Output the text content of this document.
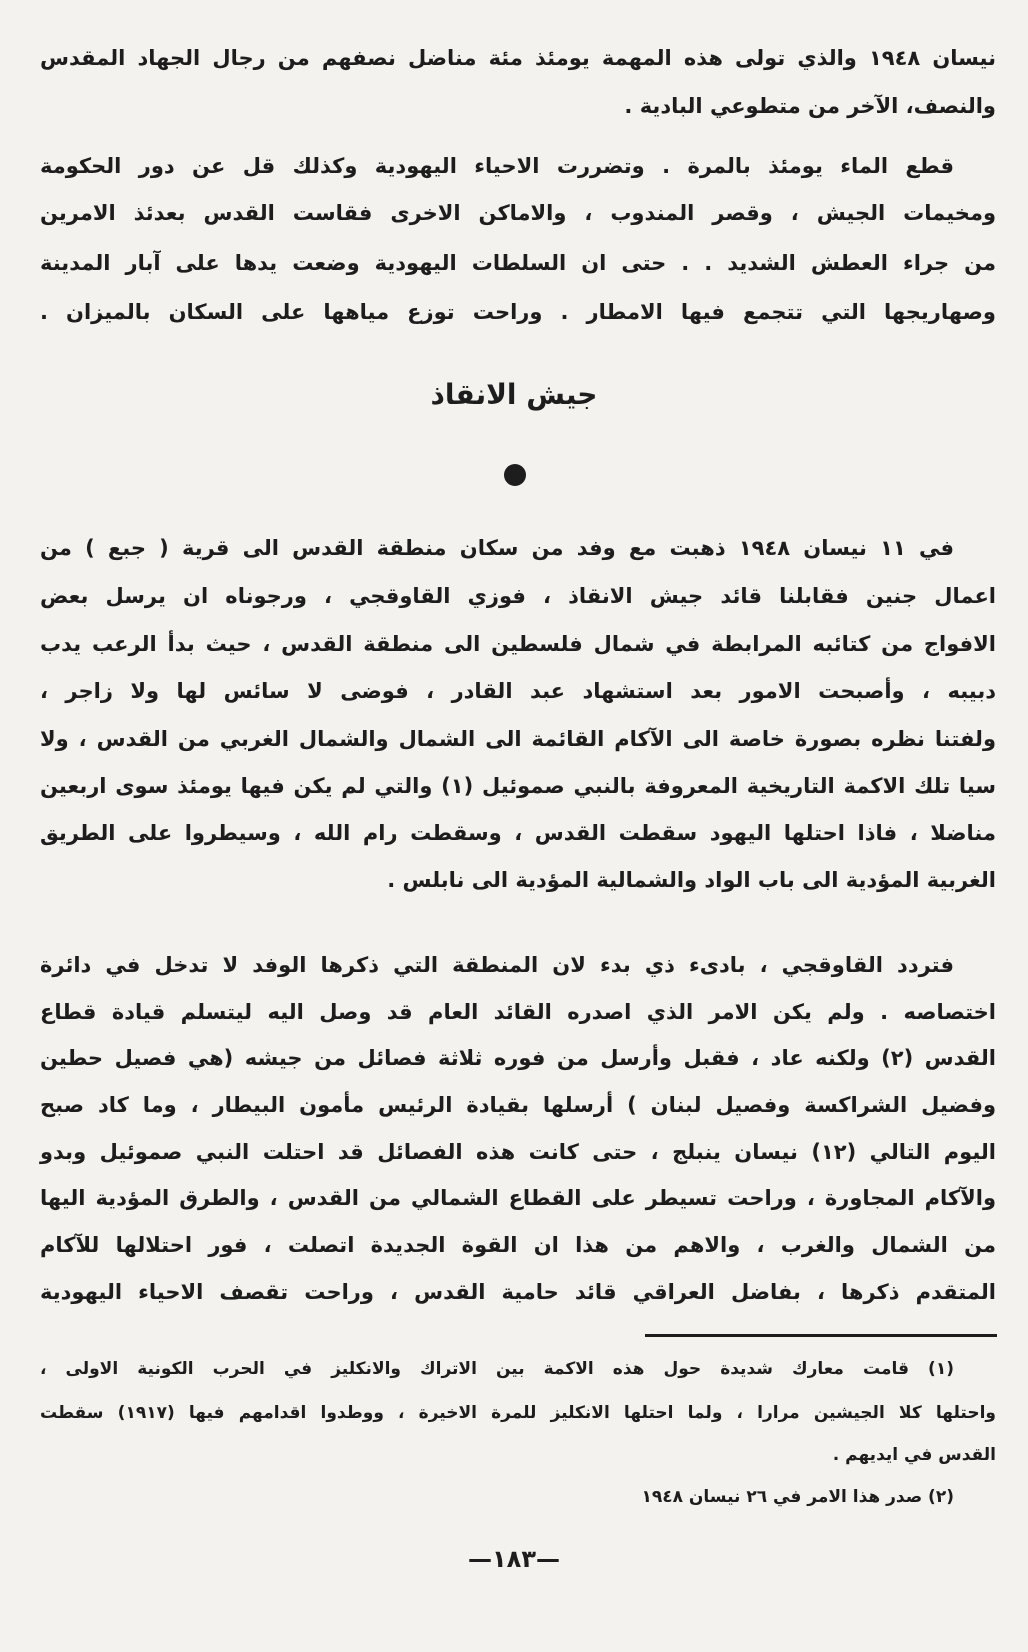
نيسان ١٩٤٨ والذي تولى هذه المهمة يومئذ مئة مناضل نصفهم من رجال الجهاد المقدس
والنصف، الآخر من متطوعي البادية .
قطع الماء يومئذ بالمرة . وتضررت الاحياء اليهودية وكذلك قل عن دور الحكومة
ومخيمات الجيش ، وقصر المندوب ، والاماكن الاخرى فقاست القدس بعدئذ الامرين
من جراء العطش الشديد . . حتى ان السلطات اليهودية وضعت يدها على آبار المدينة
وصهاريجها التي تتجمع فيها الامطار . وراحت توزع مياهها على السكان بالميزان .
جيش الانقاذ
في ١١ نيسان ١٩٤٨ ذهبت مع وفد من سكان منطقة القدس الى قرية ( جبع ) من
اعمال جنين فقابلنا قائد جيش الانقاذ ، فوزي القاوقجي ، ورجوناه ان يرسل بعض
الافواج من كتائبه المرابطة في شمال فلسطين الى منطقة القدس ، حيث بدأ الرعب يدب
دبيبه ، وأصبحت الامور بعد استشهاد عبد القادر ، فوضى لا سائس لها ولا زاجر ،
ولفتنا نظره بصورة خاصة الى الآكام القائمة الى الشمال والشمال الغربي من القدس ، ولا
سيا تلك الاكمة التاريخية المعروفة بالنبي صموئيل (١) والتي لم يكن فيها يومئذ سوى اربعين
مناضلا ، فاذا احتلها اليهود سقطت القدس ، وسقطت رام الله ، وسيطروا على الطريق
الغربية المؤدية الى باب الواد والشمالية المؤدية الى نابلس .
فتردد القاوقجي ، بادىء ذي بدء لان المنطقة التي ذكرها الوفد لا تدخل في دائرة
اختصاصه . ولم يكن الامر الذي اصدره القائد العام قد وصل اليه ليتسلم قيادة قطاع
القدس (٢) ولكنه عاد ، فقبل وأرسل من فوره ثلاثة فصائل من جيشه (هي فصيل حطين
وفضيل الشراكسة وفصيل لبنان ) أرسلها بقيادة الرئيس مأمون البيطار ، وما كاد صبح
اليوم التالي (١٢) نيسان ينبلج ، حتى كانت هذه الفصائل قد احتلت النبي صموئيل وبدو
والآكام المجاورة ، وراحت تسيطر على القطاع الشمالي من القدس ، والطرق المؤدية اليها
من الشمال والغرب ، والاهم من هذا ان القوة الجديدة اتصلت ، فور احتلالها للآكام
المتقدم ذكرها ، بفاضل العراقي قائد حامية القدس ، وراحت تقصف الاحياء اليهودية
(١) قامت معارك شديدة حول هذه الاكمة بين الاتراك والانكليز في الحرب الكونية الاولى ،
واحتلها كلا الجيشين مرارا ، ولما احتلها الانكليز للمرة الاخيرة ، ووطدوا اقدامهم فيها (١٩١٧) سقطت
القدس في ايديهم .
(٢) صدر هذا الامر في ٢٦ نيسان ١٩٤٨
—١٨٣—
